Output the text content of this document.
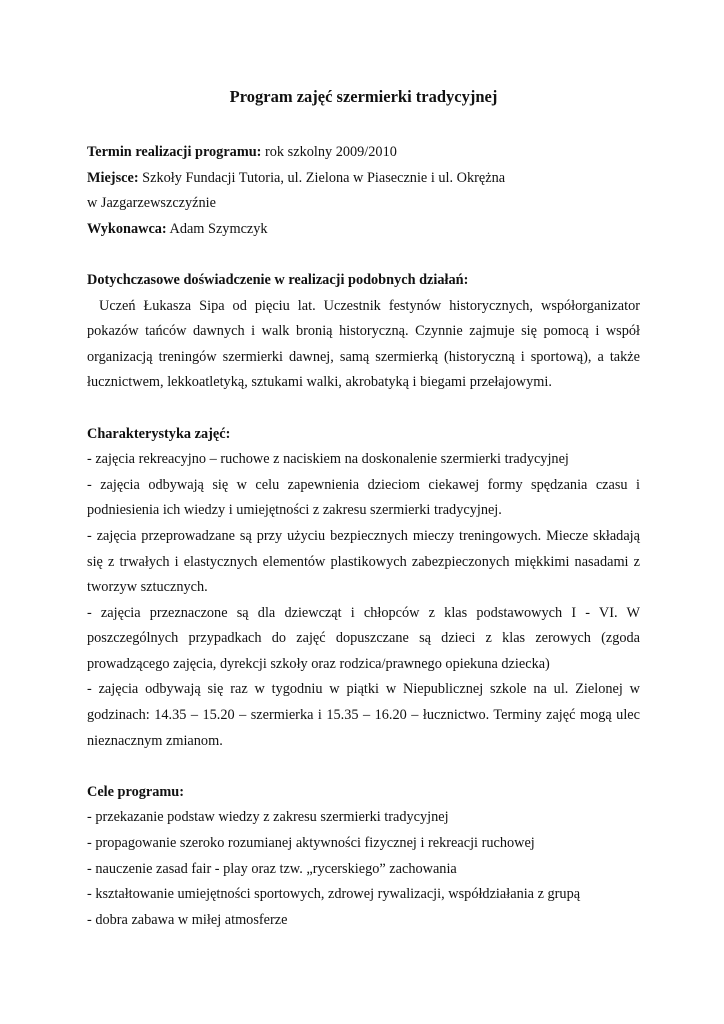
Program zajęć szermierki tradycyjnej

Termin realizacji programu: rok szkolny 2009/2010

Miejsce: Szkoły Fundacji Tutoria, ul. Zielona w Piasecznie i ul. Okrężna

w Jazgarzewszczyźnie

Wykonawca: Adam Szymczyk

Dotychczasowe doświadczenie w realizacji podobnych działań:

Uczeń Łukasza Sipa od pięciu lat. Uczestnik festynów historycznych, współorganizator pokazów tańców dawnych i walk bronią historyczną. Czynnie zajmuje się pomocą i współ organizacją treningów szermierki dawnej, samą szermierką (historyczną i sportową), a także łucznictwem, lekkoatletyką, sztukami walki, akrobatyką i biegami przełajowymi.

Charakterystyka zajęć:

- zajęcia rekreacyjno – ruchowe z naciskiem na doskonalenie szermierki tradycyjnej

- zajęcia odbywają się w celu zapewnienia dzieciom ciekawej formy spędzania czasu i podniesienia ich wiedzy i umiejętności z zakresu szermierki tradycyjnej.

- zajęcia przeprowadzane są przy użyciu bezpiecznych mieczy treningowych. Miecze składają się z trwałych i elastycznych elementów plastikowych zabezpieczonych miękkimi nasadami z tworzyw sztucznych.

- zajęcia przeznaczone są dla dziewcząt i chłopców z klas podstawowych I - VI. W poszczególnych przypadkach do zajęć dopuszczane są dzieci z klas zerowych (zgoda prowadzącego zajęcia, dyrekcji szkoły oraz rodzica/prawnego opiekuna dziecka)

- zajęcia odbywają się raz w tygodniu w piątki w Niepublicznej szkole na ul. Zielonej w godzinach: 14.35 – 15.20 – szermierka i 15.35 – 16.20 – łucznictwo. Terminy zajęć mogą ulec nieznacznym zmianom.

Cele programu:

- przekazanie podstaw wiedzy z zakresu szermierki tradycyjnej

- propagowanie szeroko rozumianej aktywności fizycznej i rekreacji ruchowej

- nauczenie zasad fair - play oraz tzw. „rycerskiego” zachowania

- kształtowanie umiejętności sportowych, zdrowej rywalizacji, współdziałania z grupą

- dobra zabawa w miłej atmosferze
